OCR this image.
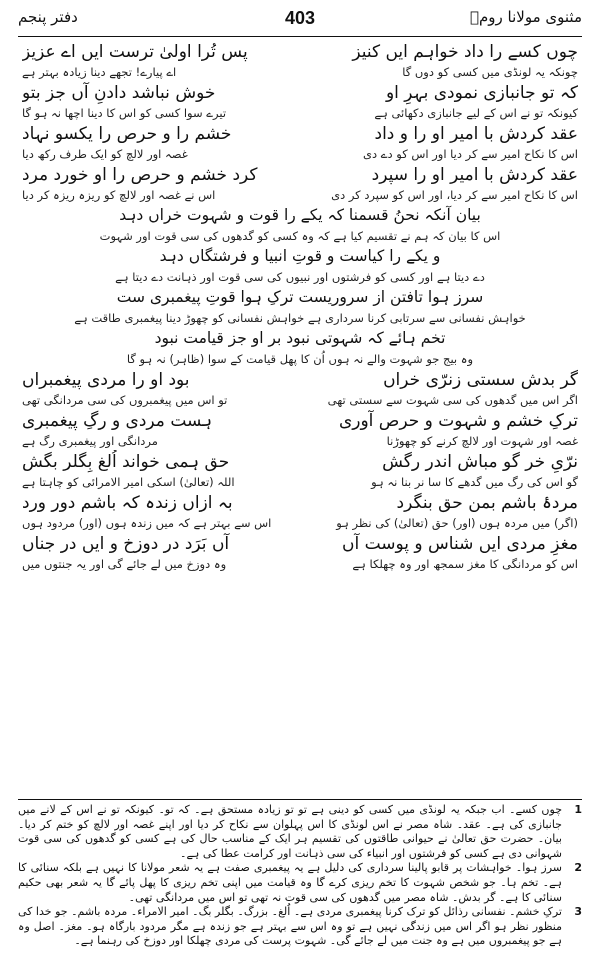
مثنوی مولانا رومؒ
403
دفتر پنجم
چوں کسے را داد خواہم ایں کنیز
پس تُرا اولیٰ ترست ایں اے عزیز
چونکہ یہ لونڈی میں کسی کو دوں گا
اے پیارے! تجھے دینا زیادہ بہتر ہے
کہ تو جانبازی نمودی بہرِ او
خوش نباشد دادنِ آں جز بتو
کیونکہ تو نے اس کے لیے جانبازی دکھائی ہے
تیرے سوا کسی کو اس کا دینا اچھا نہ ہو گا
عقد کردش با امیر او را و داد
خشم را و حرص را یکسو نہاد
اس کا نکاح امیر سے کر دیا اور اس کو دے دی
غصہ اور لالچ کو ایک طرف رکھ دیا
عقد کردش با امیر او را سپرد
کرد خشم و حرص را او خورد مرد
اس کا نکاح امیر سے کر دیا، اور اس کو سپرد کر دی
اس نے غصہ اور لالچ کو ریزہ ریزہ کر دیا
بیان آنکہ نحنُ قسمنا کہ یکے را قوت و شہوت خراں دہد
اس کا بیان کہ ہم نے تقسیم کیا ہے کہ وہ کسی کو گدھوں کی سی قوت اور شہوت
و یکے را کیاست و قوتِ انبیا و فرشتگاں دہد
دے دیتا ہے اور کسی کو فرشتوں اور نبیوں کی سی قوت اور ذہانت دے دیتا ہے
سرز ہوا تافتن از سروریست ترکِ ہوا قوتِ پیغمبری ست
خواہش نفسانی سے سرتابی کرنا سرداری ہے خواہش نفسانی کو چھوڑ دینا پیغمبری طاقت ہے
تخم ہائے کہ شہوتی نبود بر او جز قیامت نبود
وہ بیج جو شہوت والے نہ ہوں اُن کا پھل قیامت کے سوا (ظاہر) نہ ہو گا
گر بدش سستی زنرّی خراں
بود او را مردی پیغمبراں
اگر اس میں گدھوں کی سی شہوت سے سستی تھی
تو اس میں پیغمبروں کی سی مردانگی تھی
ترکِ خشم و شہوت و حرص آوری
ہست مردی و رگِ پیغمبری
غصہ اور شہوت اور لالچ کرنے کو چھوڑنا
مردانگی اور پیغمبری رگ ہے
نرّیِ خر گو مباش اندر رگش
حق ہمی خواند اُلغ بِگلر بگش
گو اس کی رگ میں گدھے کا سا نر بنا نہ ہو
اللہ (تعالیٰ) اسکی امیر الامرائی کو چاہتا ہے
مردۂ باشم بمن حق بنگرد
بہ ازاں زندہ کہ باشم دور ورد
(اگر) میں مردہ ہوں (اور) حق (تعالیٰ) کی نظر ہو
اس سے بہتر ہے کہ میں زندہ ہوں (اور) مردود ہوں
مغزِ مردی ایں شناس و پوست آں
آں بَرَد در دوزخ و ایں در جناں
اس کو مردانگی کا مغز سمجھ اور وہ چھلکا ہے
وہ دوزخ میں لے جائے گی اور یہ جنتوں میں
1
چوں کسے۔ اب جبکہ یہ لونڈی میں کسی کو دینی ہے تو تو زیادہ مستحق ہے۔ کہ تو۔ کیونکہ تو نے اس کے لانے میں جانبازی کی ہے۔ عقد۔ شاہ مصر نے اس لونڈی کا اس پہلوان سے نکاح کر دیا اور اپنے غصہ اور لالچ کو ختم کر دیا۔ بیان۔ حضرت حق تعالیٰ نے حیوانی طاقتوں کی تقسیم ہر ایک کے مناسب حال کی ہے کسی کو گدھوں کی سی قوت شہوانی دی ہے کسی کو فرشتوں اور انبیاء کی سی ذہانت اور کرامت عطا کی ہے۔
2
سرز ہوا۔ خواہشات پر قابو پالینا سرداری کی دلیل ہے یہ پیغمبری صفت ہے یہ شعر مولانا کا نہیں ہے بلکہ سنائی کا ہے۔ تخم ہا۔ جو شخص شہوت کا تخم ریزی کرے گا وہ قیامت میں اپنی تخم ریزی کا پھل پائے گا یہ شعر بھی حکیم سنائی کا ہے۔ گر بدش۔ شاہ مصر میں گدھوں کی سی قوت نہ تھی تو اس میں مردانگی تھی۔
3
ترکِ خشم۔ نفسانی رذائل کو ترک کرنا پیغمبری مردی ہے۔ اُلغ۔ بزرگ۔ بگلر بگ۔ امیر الامراء۔ مردہ باشم۔ جو خدا کی منظور نظر ہو اگر اس میں زندگی نہیں ہے تو وہ اس سے بہتر ہے جو زندہ ہے مگر مردود بارگاہ ہو۔ مغز۔ اصل وہ ہے جو پیغمبروں میں ہے وہ جنت میں لے جائے گی۔ شہوت پرست کی مردی چھلکا اور دوزخ کی رہنما ہے۔
